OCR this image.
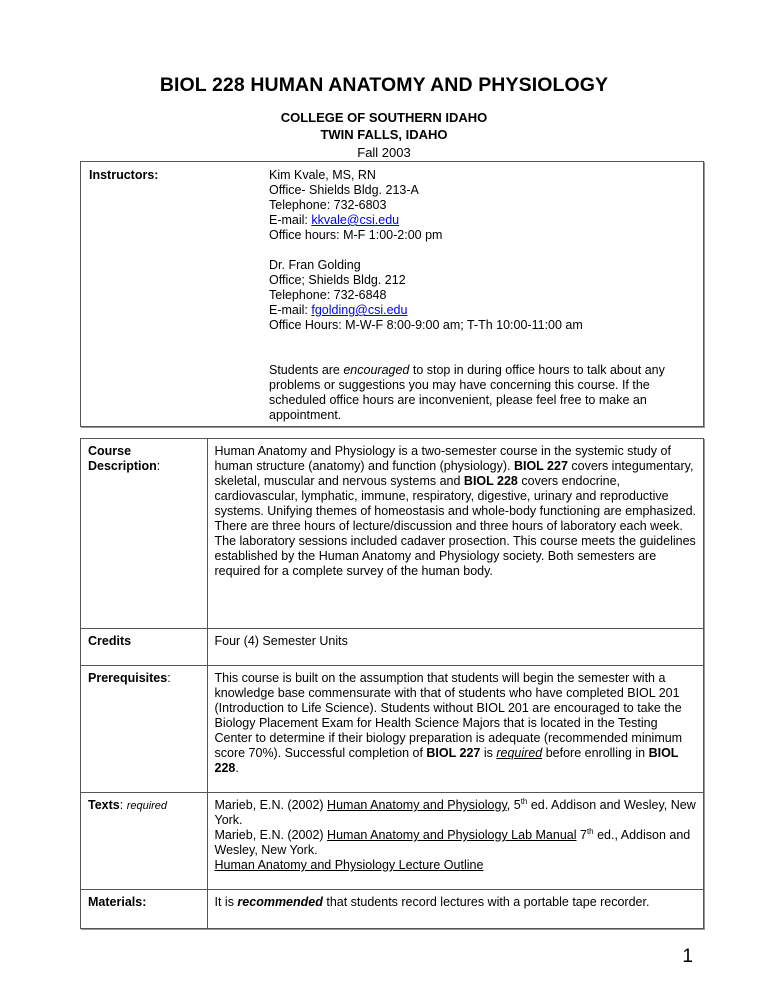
BIOL 228 HUMAN ANATOMY AND PHYSIOLOGY
COLLEGE OF SOUTHERN IDAHO
TWIN FALLS, IDAHO
Fall 2003
Instructors:	Kim Kvale, MS, RN

Office- Shields Bldg. 213-A

Telephone: 732-6803

E-mail: kkvale@csi.edu

Office hours: M-F 1:00-2:00 pm

Dr. Fran Golding

Office; Shields Bldg. 212

Telephone: 732-6848

E-mail: fgolding@csi.edu

Office Hours: M-W-F 8:00-9:00 am; T-Th 10:00-11:00 am

Students are encouraged to stop in during office hours to talk about any problems or suggestions you may have concerning this course. If the scheduled office hours are inconvenient, please feel free to make an appointment.

Course
Description:	Human Anatomy and Physiology is a two-semester course in the systemic study of human structure (anatomy) and function (physiology). BIOL 227 covers integumentary, skeletal, muscular and nervous systems and BIOL 228 covers endocrine, cardiovascular, lymphatic, immune, respiratory, digestive, urinary and reproductive systems. Unifying themes of homeostasis and whole-body functioning are emphasized. There are three hours of lecture/discussion and three hours of laboratory each week. The laboratory sessions included cadaver prosection. This course meets the guidelines established by the Human Anatomy and Physiology society. Both semesters are required for a complete survey of the human body.
Credits	Four (4) Semester Units
Prerequisites:	This course is built on the assumption that students will begin the semester with a knowledge base commensurate with that of students who have completed BIOL 201 (Introduction to Life Science). Students without BIOL 201 are encouraged to take the Biology Placement Exam for Health Science Majors that is located in the Testing Center to determine if their biology preparation is adequate (recommended minimum score 70%). Successful completion of BIOL 227 is required before enrolling in BIOL 228.
Texts: required	Marieb, E.N. (2002) Human Anatomy and Physiology, 5th ed. Addison and Wesley, New York.
Marieb, E.N. (2002) Human Anatomy and Physiology Lab Manual 7th ed., Addison and Wesley, New York.
Human Anatomy and Physiology Lecture Outline
Materials:	It is recommended that students record lectures with a portable tape recorder.
1
